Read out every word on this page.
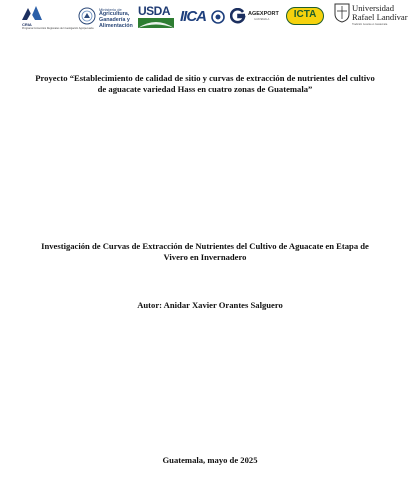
CRIA
Programa Consorcios Regionales de Investigación Agropecuaria
Ministerio de
Agricultura,
Ganadería y
Alimentación
USDA IICA	AGEXPORT
GUATEMALA	ICTA
Universidad
Rafael Landívar
Tradición Jesuita en Guatemala
Proyecto “Establecimiento de calidad de sitio y curvas de extracción de nutrientes del cultivo de aguacate variedad Hass en cuatro zonas de Guatemala”
Investigación de Curvas de Extracción de Nutrientes del Cultivo de Aguacate en Etapa de Vivero en Invernadero
Autor: Anidar Xavier Orantes Salguero
Guatemala, mayo de 2025
